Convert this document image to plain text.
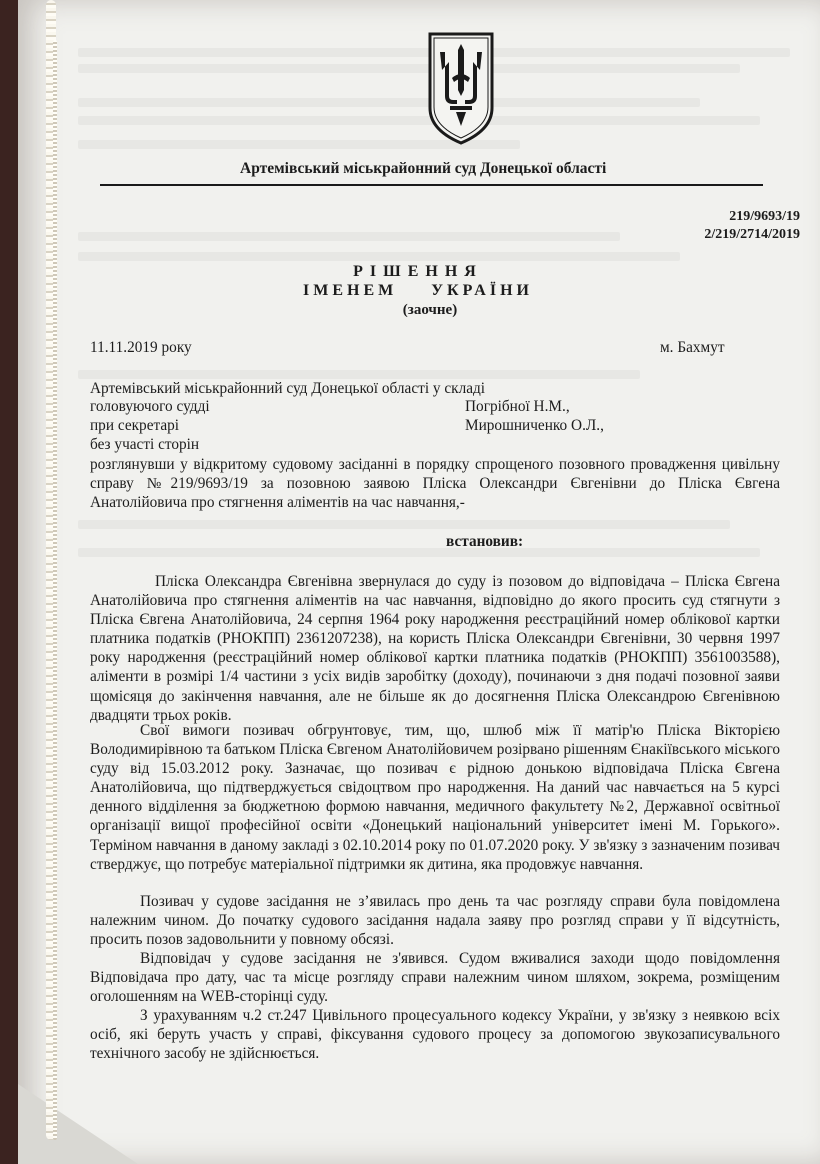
Артемівський міськрайонний суд Донецької області
219/9693/19
2/219/2714/2019
РІШЕННЯ
ІМЕНЕМ УКРАЇНИ
(заочне)
11.11.2019 року	м. Бахмут
Артемівський міськрайонний суд Донецької області у складі
головуючого судді	Погрібної Н.М.,
при секретарі	Мирошниченко О.Л.,
без участі сторін
розглянувши у відкритому судовому засіданні в порядку спрощеного позовного провадження цивільну справу №219/9693/19 за позовною заявою Пліска Олександри Євгенівни до Пліска Євгена Анатолійовича про стягнення аліментів на час навчання,-
встановив:
Пліска Олександра Євгенівна звернулася до суду із позовом до відповідача – Пліска Євгена Анатолійовича про стягнення аліментів на час навчання, відповідно до якого просить суд стягнути з Пліска Євгена Анатолійовича, 24 серпня 1964 року народження реєстраційний номер облікової картки платника податків (РНОКПП) 2361207238), на користь Пліска Олександри Євгенівни, 30 червня 1997 року народження (реєстраційний номер облікової картки платника податків (РНОКПП) 3561003588), аліменти в розмірі 1/4 частини з усіх видів заробітку (доходу), починаючи з дня подачі позовної заяви щомісяця до закінчення навчання, але не більше як до досягнення Пліска Олександрою Євгенівною двадцяти трьох років.
Свої вимоги позивач обгрунтовує, тим, що, шлюб між її матір'ю Пліска Вікторією Володимирівною та батьком Пліска Євгеном Анатолійовичем розірвано рішенням Єнакіївського міського суду від 15.03.2012 року. Зазначає, що позивач є рідною донькою відповідача Пліска Євгена Анатолійовича, що підтверджується свідоцтвом про народження. На даний час навчається на 5 курсі денного відділення за бюджетною формою навчання, медичного факультету №2, Державної освітньої організації вищої професійної освіти «Донецький національний університет імені М. Горького». Терміном навчання в даному закладі з 02.10.2014 року по 01.07.2020 року. У зв'язку з зазначеним позивач стверджує, що потребує матеріальної підтримки як дитина, яка продовжує навчання.
Позивач у судове засідання не з’явилась про день та час розгляду справи була повідомлена належним чином. До початку судового засідання надала заяву про розгляд справи у її відсутність, просить позов задовольнити у повному обсязі.
Відповідач у судове засідання не з'явився. Судом вживалися заходи щодо повідомлення Відповідача про дату, час та місце розгляду справи належним чином шляхом, зокрема, розміщеним оголошенням на WEB-сторінці суду.
З урахуванням ч.2 ст.247 Цивільного процесуального кодексу України, у зв'язку з неявкою всіх осіб, які беруть участь у справі, фіксування судового процесу за допомогою звукозаписувального технічного засобу не здійснюється.
